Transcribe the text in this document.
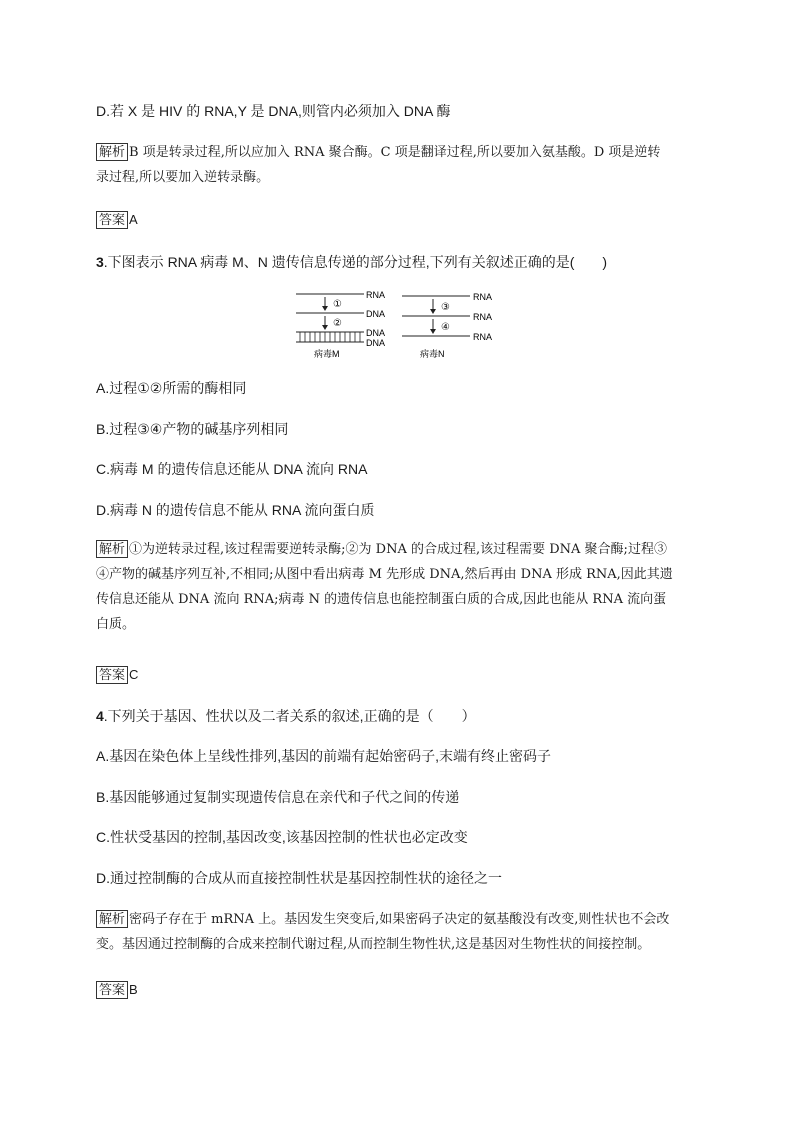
D.若 X 是 HIV 的 RNA,Y 是 DNA,则管内必须加入 DNA 酶
解析 B 项是转录过程,所以应加入 RNA 聚合酶。C 项是翻译过程,所以要加入氨基酸。D 项是逆转
录过程,所以要加入逆转录酶。
答案 A
3.下图表示 RNA 病毒 M、N 遗传信息传递的部分过程,下列有关叙述正确的是(　　)
①
②
RNA
DNA
DNA
DNA
病毒M
③
④
RNA
RNA
RNA
病毒N
A.过程①②所需的酶相同
B.过程③④产物的碱基序列相同
C.病毒 M 的遗传信息还能从 DNA 流向 RNA
D.病毒 N 的遗传信息不能从 RNA 流向蛋白质
解析 ①为逆转录过程,该过程需要逆转录酶;②为 DNA 的合成过程,该过程需要 DNA 聚合酶;过程③
④产物的碱基序列互补,不相同;从图中看出病毒 M 先形成 DNA,然后再由 DNA 形成 RNA,因此其遗
传信息还能从 DNA 流向 RNA;病毒 N 的遗传信息也能控制蛋白质的合成,因此也能从 RNA 流向蛋
白质。
答案 C
4.下列关于基因、性状以及二者关系的叙述,正确的是（　　）
A.基因在染色体上呈线性排列,基因的前端有起始密码子,末端有终止密码子
B.基因能够通过复制实现遗传信息在亲代和子代之间的传递
C.性状受基因的控制,基因改变,该基因控制的性状也必定改变
D.通过控制酶的合成从而直接控制性状是基因控制性状的途径之一
解析 密码子存在于 mRNA 上。基因发生突变后,如果密码子决定的氨基酸没有改变,则性状也不会改
变。基因通过控制酶的合成来控制代谢过程,从而控制生物性状,这是基因对生物性状的间接控制。
答案 B
